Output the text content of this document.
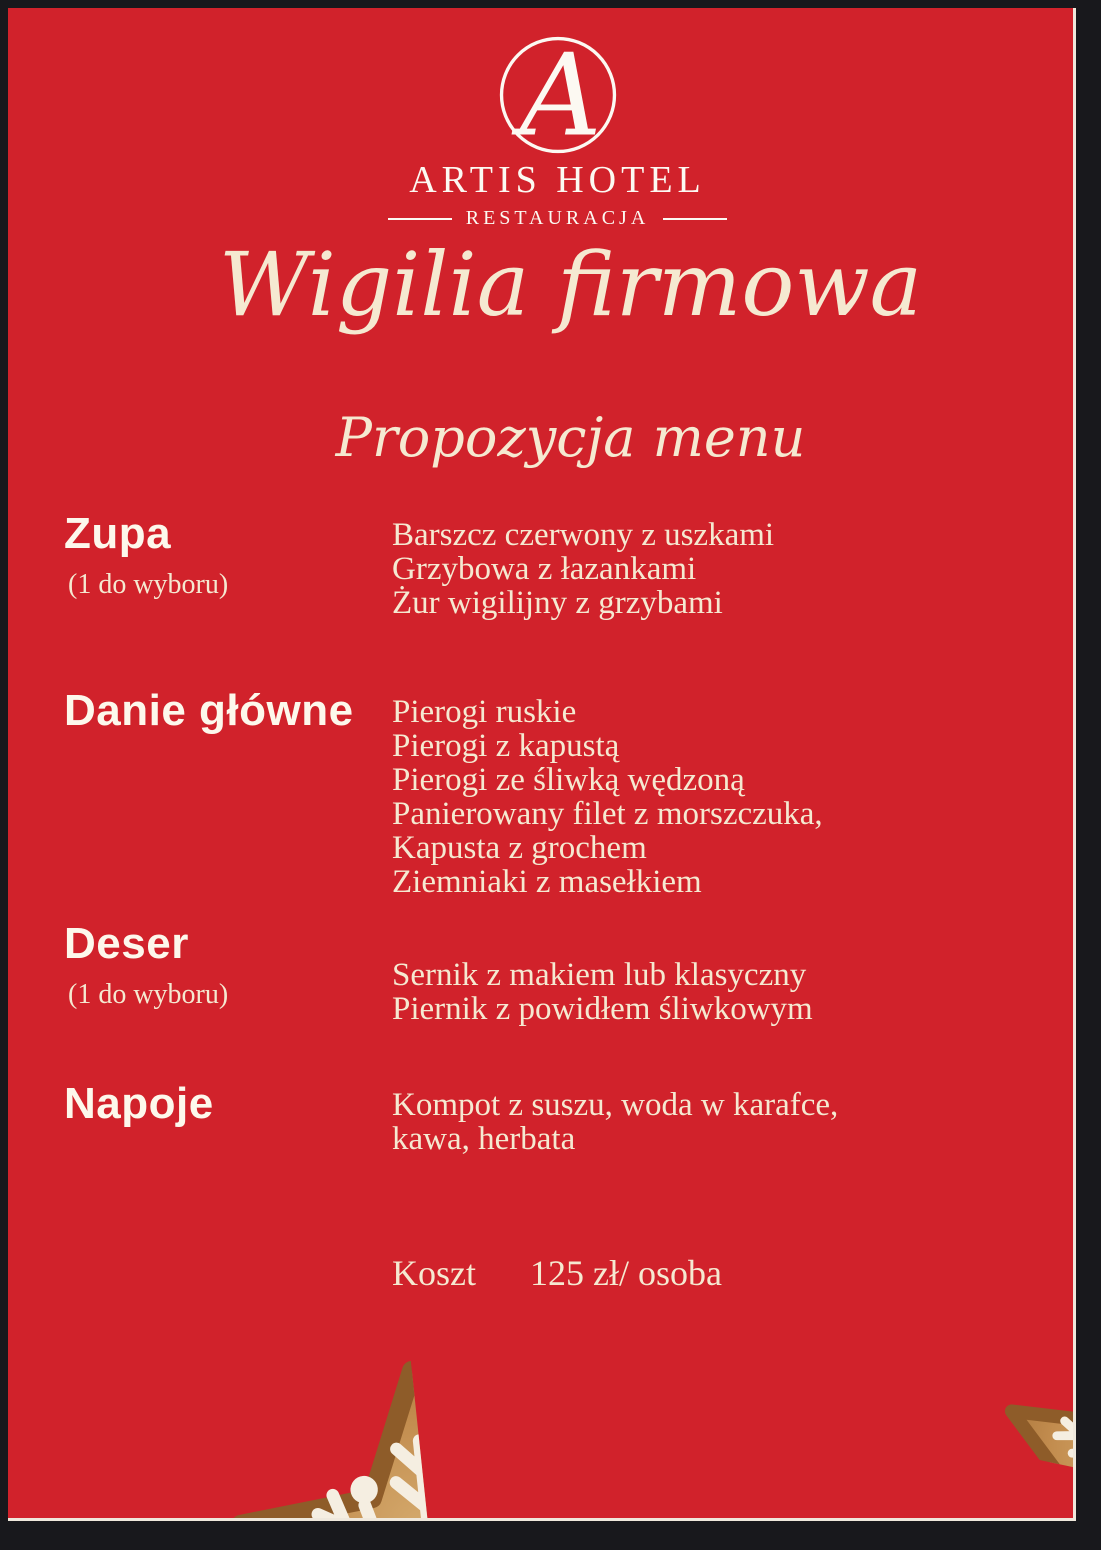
A
ARTIS HOTEL
RESTAURACJA
Wigilia firmowa
Propozycja menu
Zupa
(1 do wyboru)
Barszcz czerwony z uszkami
Grzybowa z łazankami
Żur wigilijny z grzybami
Danie główne	Pierogi ruskie
Pierogi z kapustą
Pierogi ze śliwką wędzoną
Panierowany filet z morszczuka,
Kapusta z grochem
Ziemniaki z masełkiem
Deser
(1 do wyboru)
Sernik z makiem lub klasyczny
Piernik z powidłem śliwkowym
Napoje	Kompot z suszu, woda w karafce,
kawa, herbata
Koszt 125 zł/ osoba
